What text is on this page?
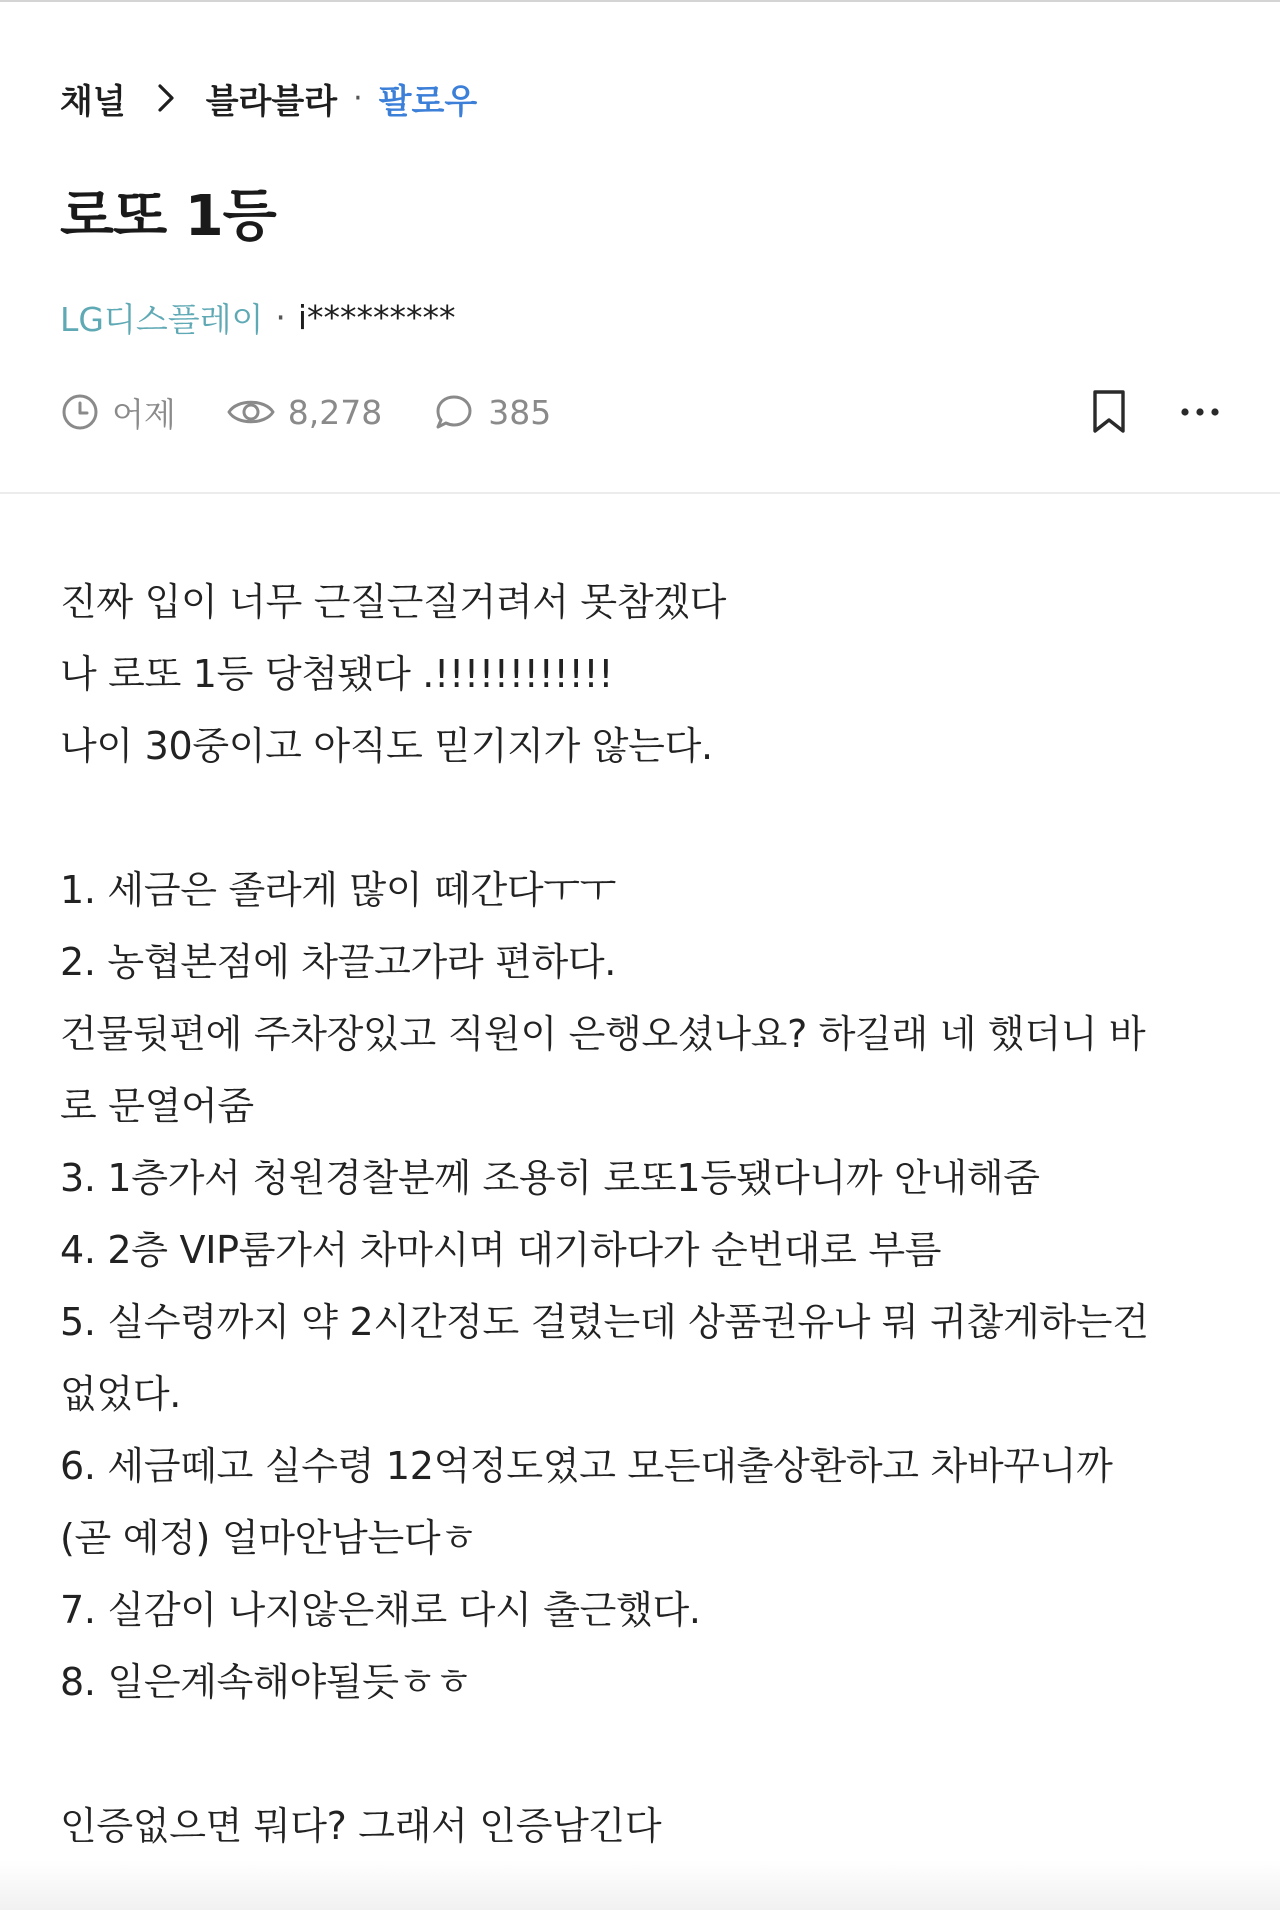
채널 블라블라 · 팔로우
로또 1등
LG디스플레이 · i*********
어제	8,278	385
진짜 입이 너무 근질근질거려서 못참겠다
나 로또 1등 당첨됐다 .!!!!!!!!!!!!
나이 30중이고 아직도 믿기지가 않는다.
1. 세금은 졸라게 많이 떼간다ㅜㅜ
2. 농협본점에 차끌고가라 편하다.
건물뒷편에 주차장있고 직원이 은행오셨나요? 하길래 네 했더니 바
로 문열어줌
3. 1층가서 청원경찰분께 조용히 로또1등됐다니까 안내해줌
4. 2층 VIP룸가서 차마시며 대기하다가 순번대로 부름
5. 실수령까지 약 2시간정도 걸렸는데 상품권유나 뭐 귀찮게하는건
없었다.
6. 세금떼고 실수령 12억정도였고 모든대출상환하고 차바꾸니까
(곧 예정) 얼마안남는다ㅎ
7. 실감이 나지않은채로 다시 출근했다.
8. 일은계속해야될듯ㅎㅎ
인증없으면 뭐다? 그래서 인증남긴다
